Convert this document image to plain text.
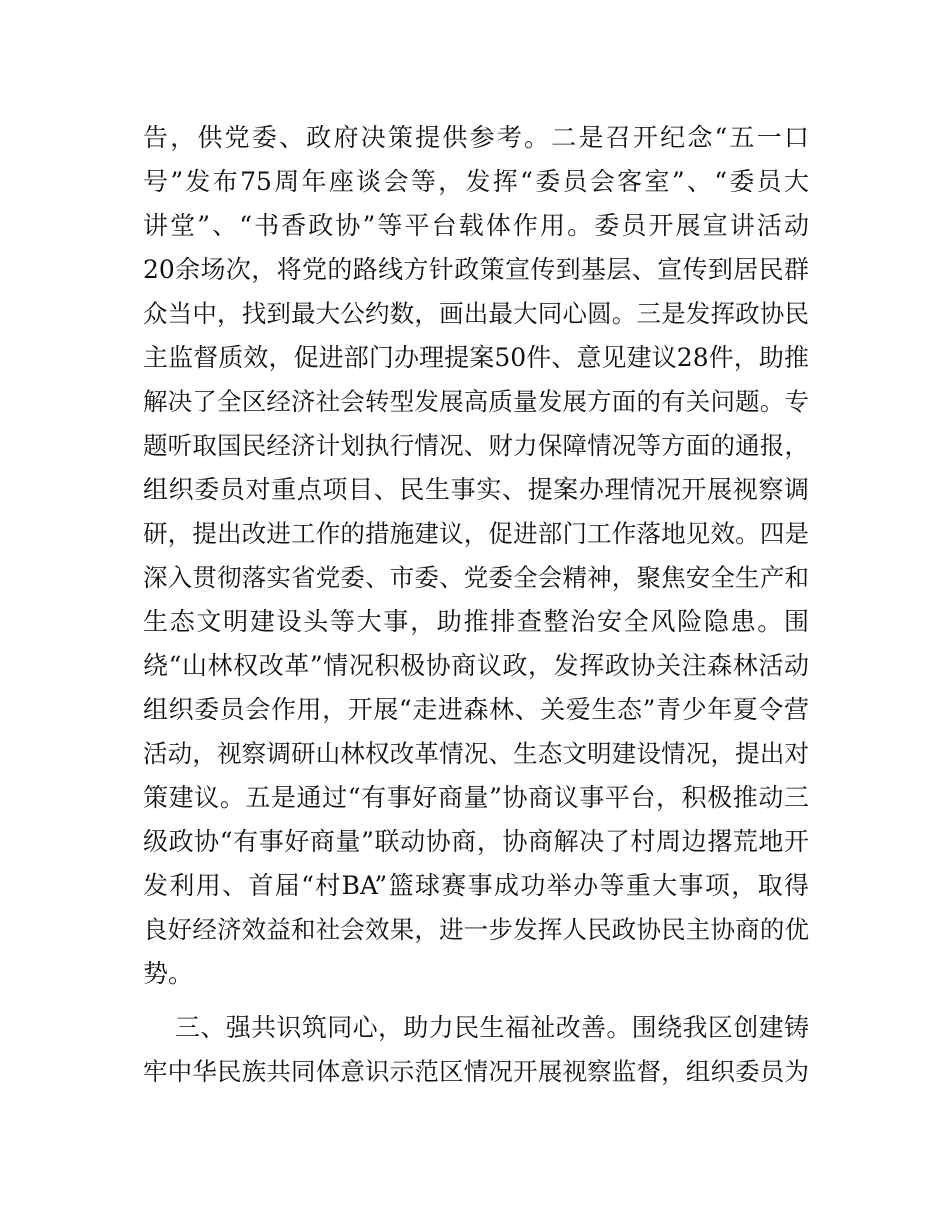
告，供党委、政府决策提供参考。二是召开纪念“五一口
号”发布75周年座谈会等，发挥“委员会客室”、“委员大
讲堂”、“书香政协”等平台载体作用。委员开展宣讲活动
20余场次，将党的路线方针政策宣传到基层、宣传到居民群
众当中，找到最大公约数，画出最大同心圆。三是发挥政协民
主监督质效，促进部门办理提案50件、意见建议28件，助推
解决了全区经济社会转型发展高质量发展方面的有关问题。专
题听取国民经济计划执行情况、财力保障情况等方面的通报，
组织委员对重点项目、民生事实、提案办理情况开展视察调
研，提出改进工作的措施建议，促进部门工作落地见效。四是
深入贯彻落实省党委、市委、党委全会精神，聚焦安全生产和
生态文明建设头等大事，助推排查整治安全风险隐患。围
绕“山林权改革”情况积极协商议政，发挥政协关注森林活动
组织委员会作用，开展“走进森林、关爱生态”青少年夏令营
活动，视察调研山林权改革情况、生态文明建设情况，提出对
策建议。五是通过“有事好商量”协商议事平台，积极推动三
级政协“有事好商量”联动协商，协商解决了村周边撂荒地开
发利用、首届“村BA”篮球赛事成功举办等重大事项，取得
良好经济效益和社会效果，进一步发挥人民政协民主协商的优
势。
三、强共识筑同心，助力民生福祉改善。围绕我区创建铸
牢中华民族共同体意识示范区情况开展视察监督，组织委员为
